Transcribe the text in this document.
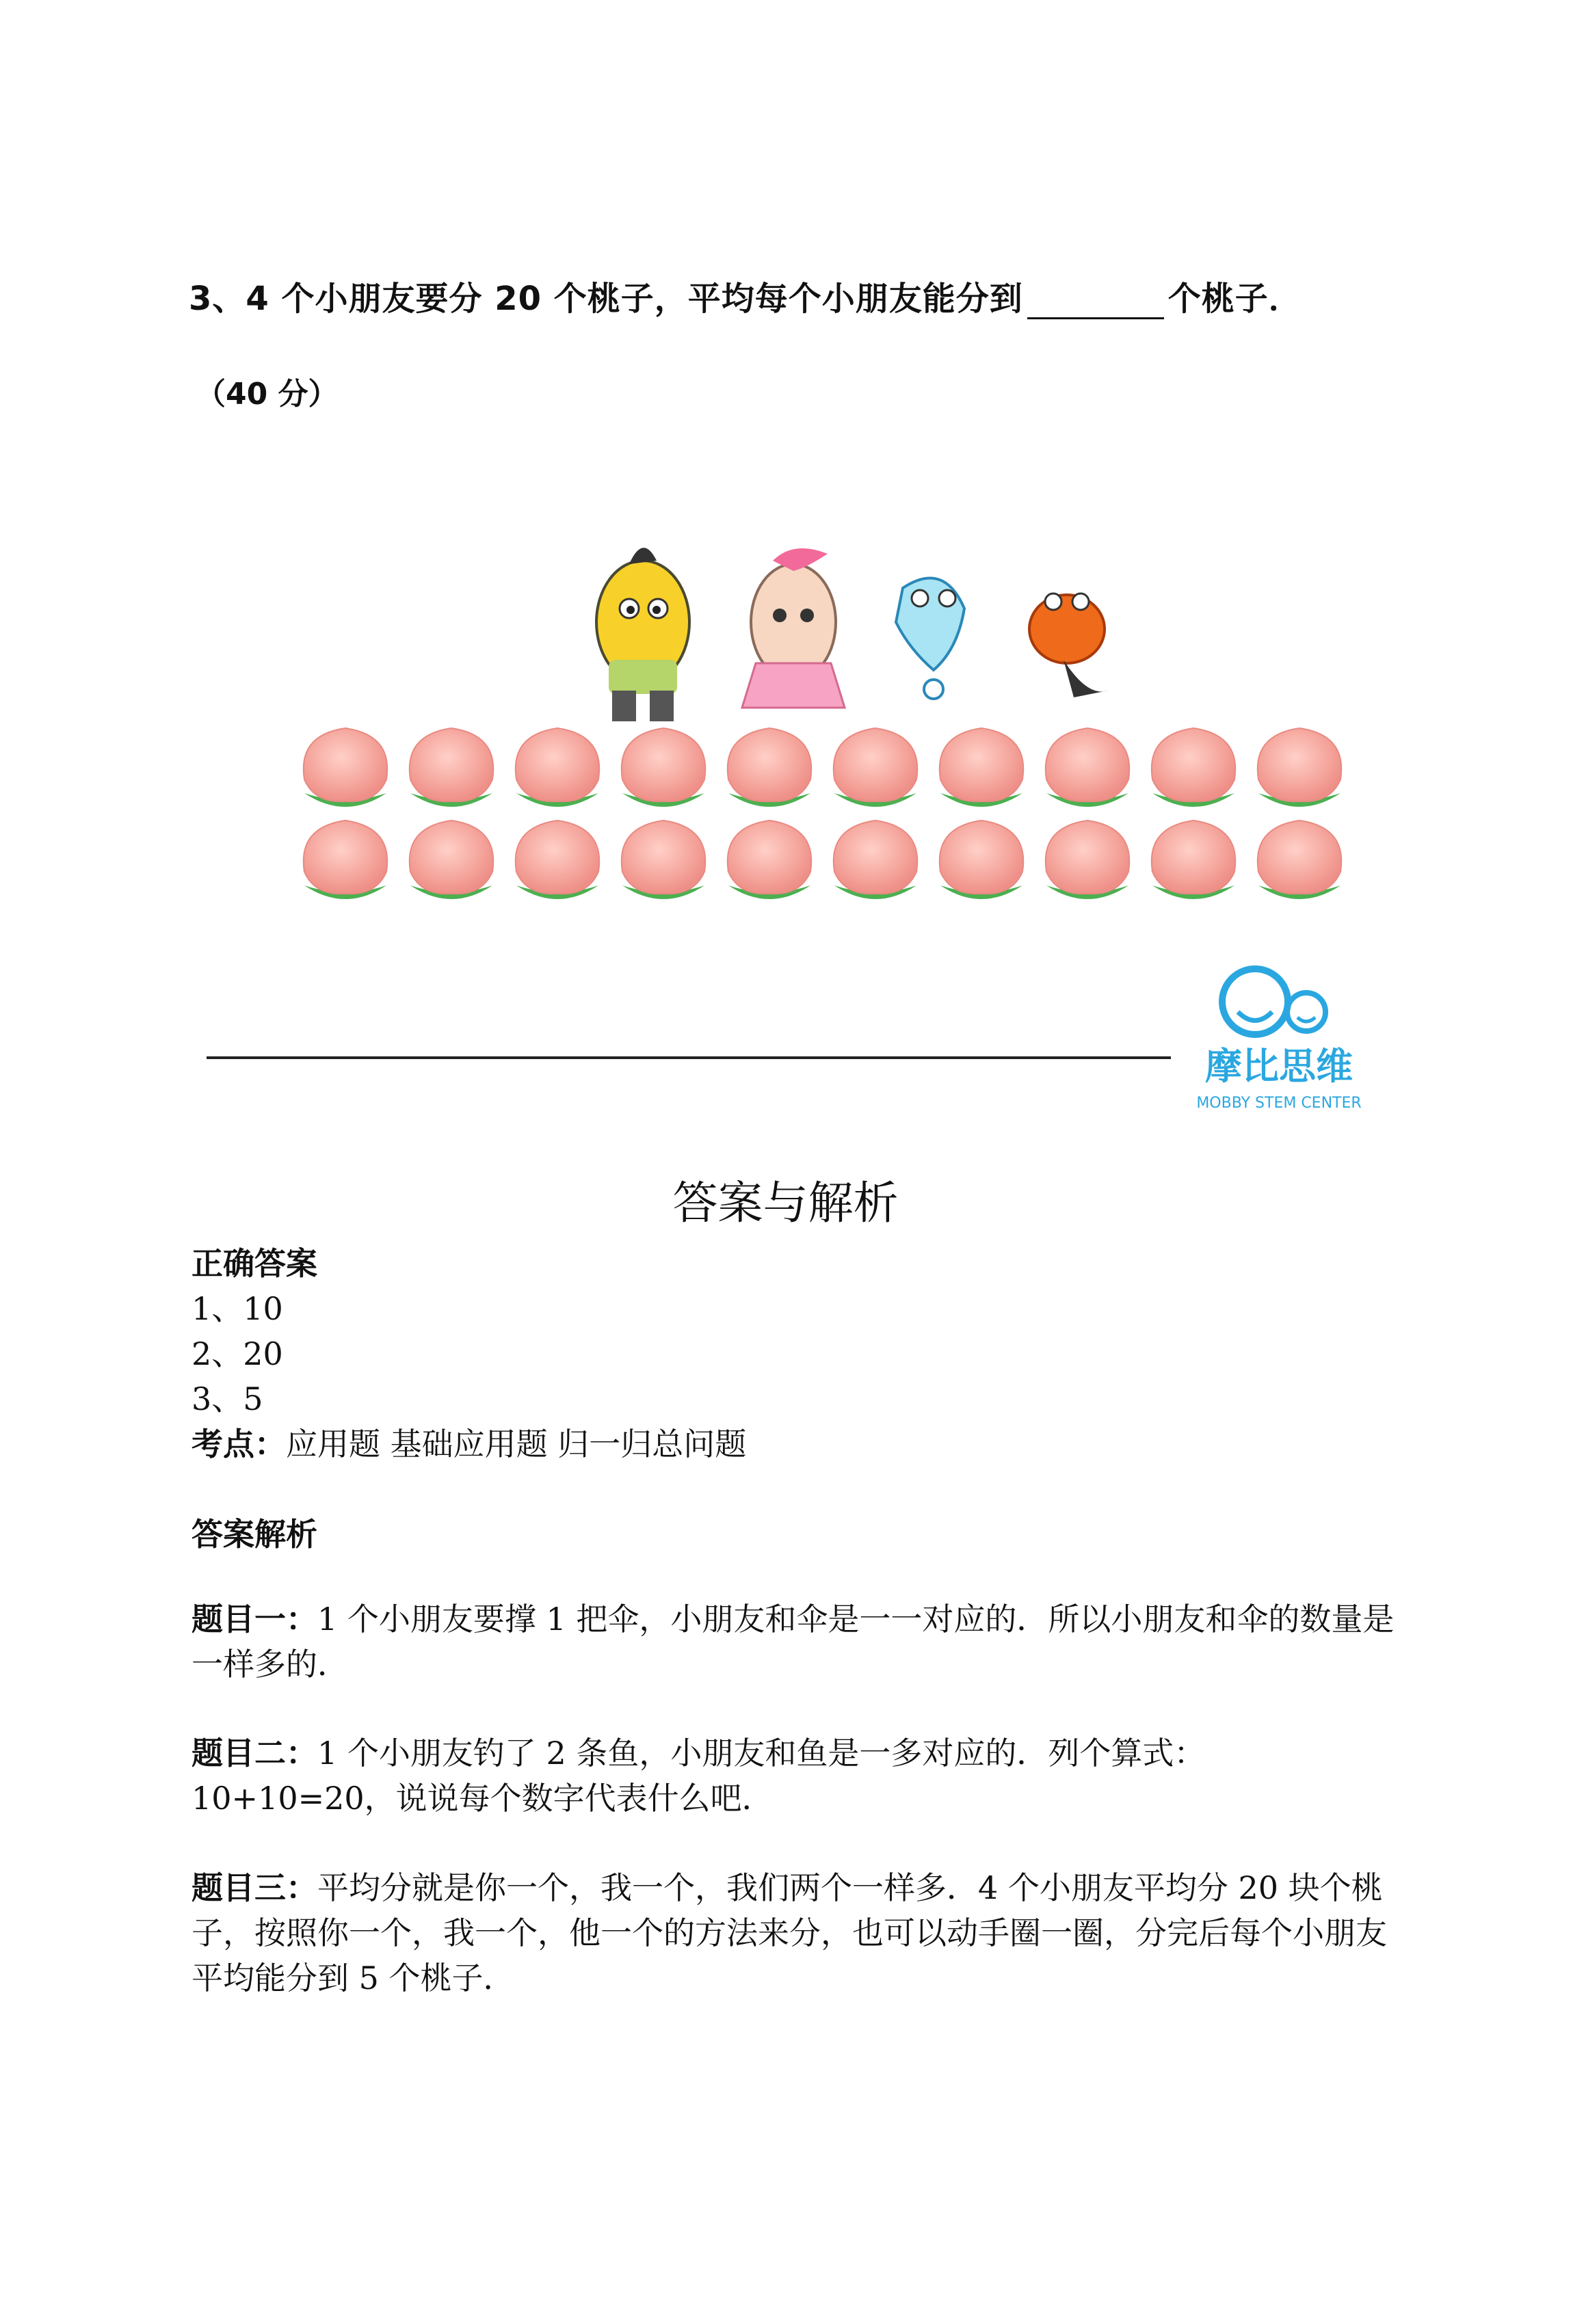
3、4 个小朋友要分 20 个桃子，平均每个小朋友能分到	个桃子．
（40 分）
摩比思维
MOBBY STEM CENTER
答案与解析
正确答案
1、10
2、20
3、5
考点：应用题 基础应用题 归一归总问题
答案解析
题目一：1 个小朋友要撑 1 把伞，小朋友和伞是一一对应的．所以小朋友和伞的数量是一样多的．
题目二：1 个小朋友钓了 2 条鱼，小朋友和鱼是一多对应的．列个算式：10+10=20，说说每个数字代表什么吧．
题目三：平均分就是你一个，我一个，我们两个一样多．4 个小朋友平均分 20 块个桃子，按照你一个，我一个，他一个的方法来分，也可以动手圈一圈，分完后每个小朋友平均能分到 5 个桃子．
